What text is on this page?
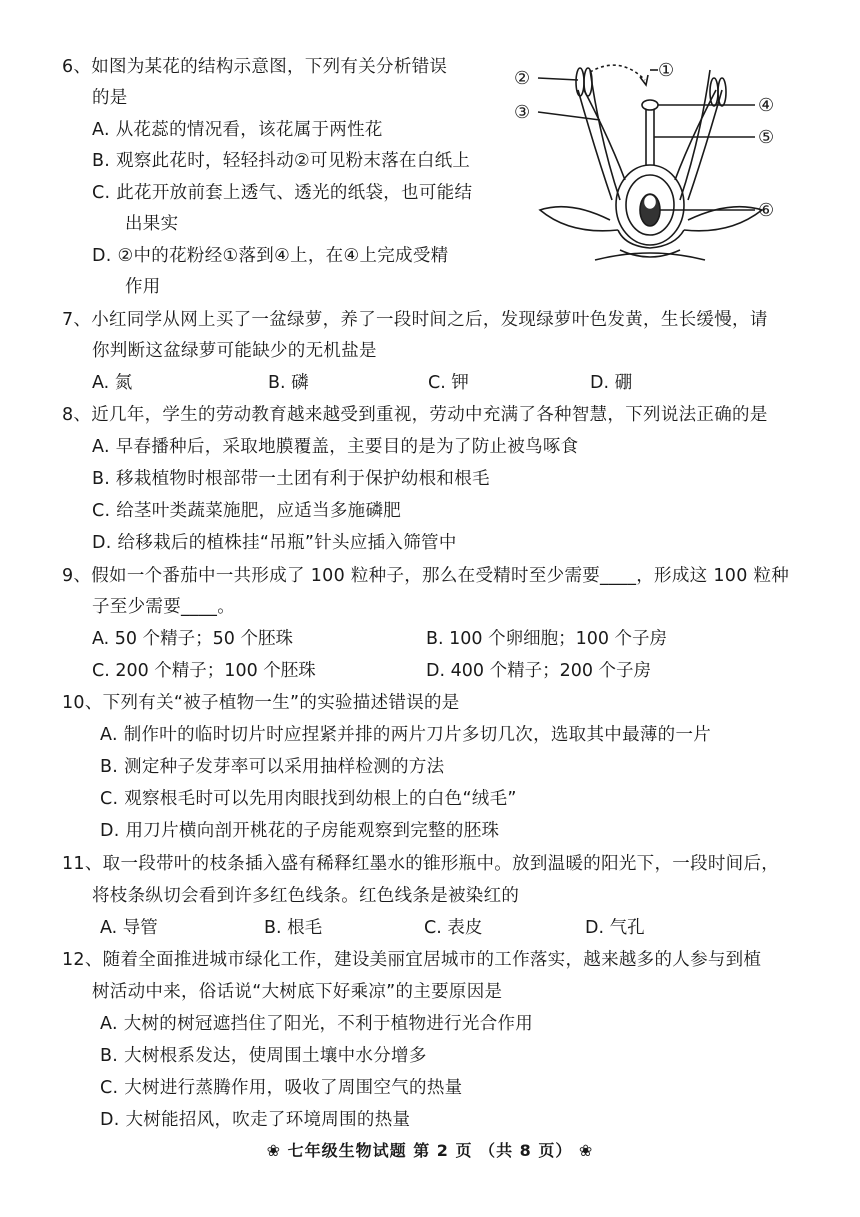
6、如图为某花的结构示意图，下列有关分析错误
的是
A. 从花蕊的情况看，该花属于两性花
B. 观察此花时，轻轻抖动②可见粉末落在白纸上
C. 此花开放前套上透气、透光的纸袋，也可能结
出果实
D. ②中的花粉经①落到④上，在④上完成受精
作用
①
②
③	④
⑤
⑥
7、小红同学从网上买了一盆绿萝，养了一段时间之后，发现绿萝叶色发黄，生长缓慢，请
你判断这盆绿萝可能缺少的无机盐是
A. 氮	B. 磷	C. 钾	D. 硼
8、近几年，学生的劳动教育越来越受到重视，劳动中充满了各种智慧，下列说法正确的是
A. 早春播种后，采取地膜覆盖，主要目的是为了防止被鸟啄食
B. 移栽植物时根部带一土团有利于保护幼根和根毛
C. 给茎叶类蔬菜施肥，应适当多施磷肥
D. 给移栽后的植株挂“吊瓶”针头应插入筛管中
9、假如一个番茄中一共形成了 100 粒种子，那么在受精时至少需要____，形成这 100 粒种
子至少需要____。
A. 50 个精子；50 个胚珠	B. 100 个卵细胞；100 个子房
C. 200 个精子；100 个胚珠	D. 400 个精子；200 个子房
10、下列有关“被子植物一生”的实验描述错误的是
A. 制作叶的临时切片时应捏紧并排的两片刀片多切几次，选取其中最薄的一片
B. 测定种子发芽率可以采用抽样检测的方法
C. 观察根毛时可以先用肉眼找到幼根上的白色“绒毛”
D. 用刀片横向剖开桃花的子房能观察到完整的胚珠
11、取一段带叶的枝条插入盛有稀释红墨水的锥形瓶中。放到温暖的阳光下，一段时间后，
将枝条纵切会看到许多红色线条。红色线条是被染红的
A. 导管	B. 根毛	C. 表皮	D. 气孔
12、随着全面推进城市绿化工作，建设美丽宜居城市的工作落实，越来越多的人参与到植
树活动中来，俗话说“大树底下好乘凉”的主要原因是
A. 大树的树冠遮挡住了阳光，不利于植物进行光合作用
B. 大树根系发达，使周围土壤中水分增多
C. 大树进行蒸腾作用，吸收了周围空气的热量
D. 大树能招风，吹走了环境周围的热量
❀ 七年级生物试题 第 2 页 （共 8 页） ❀
